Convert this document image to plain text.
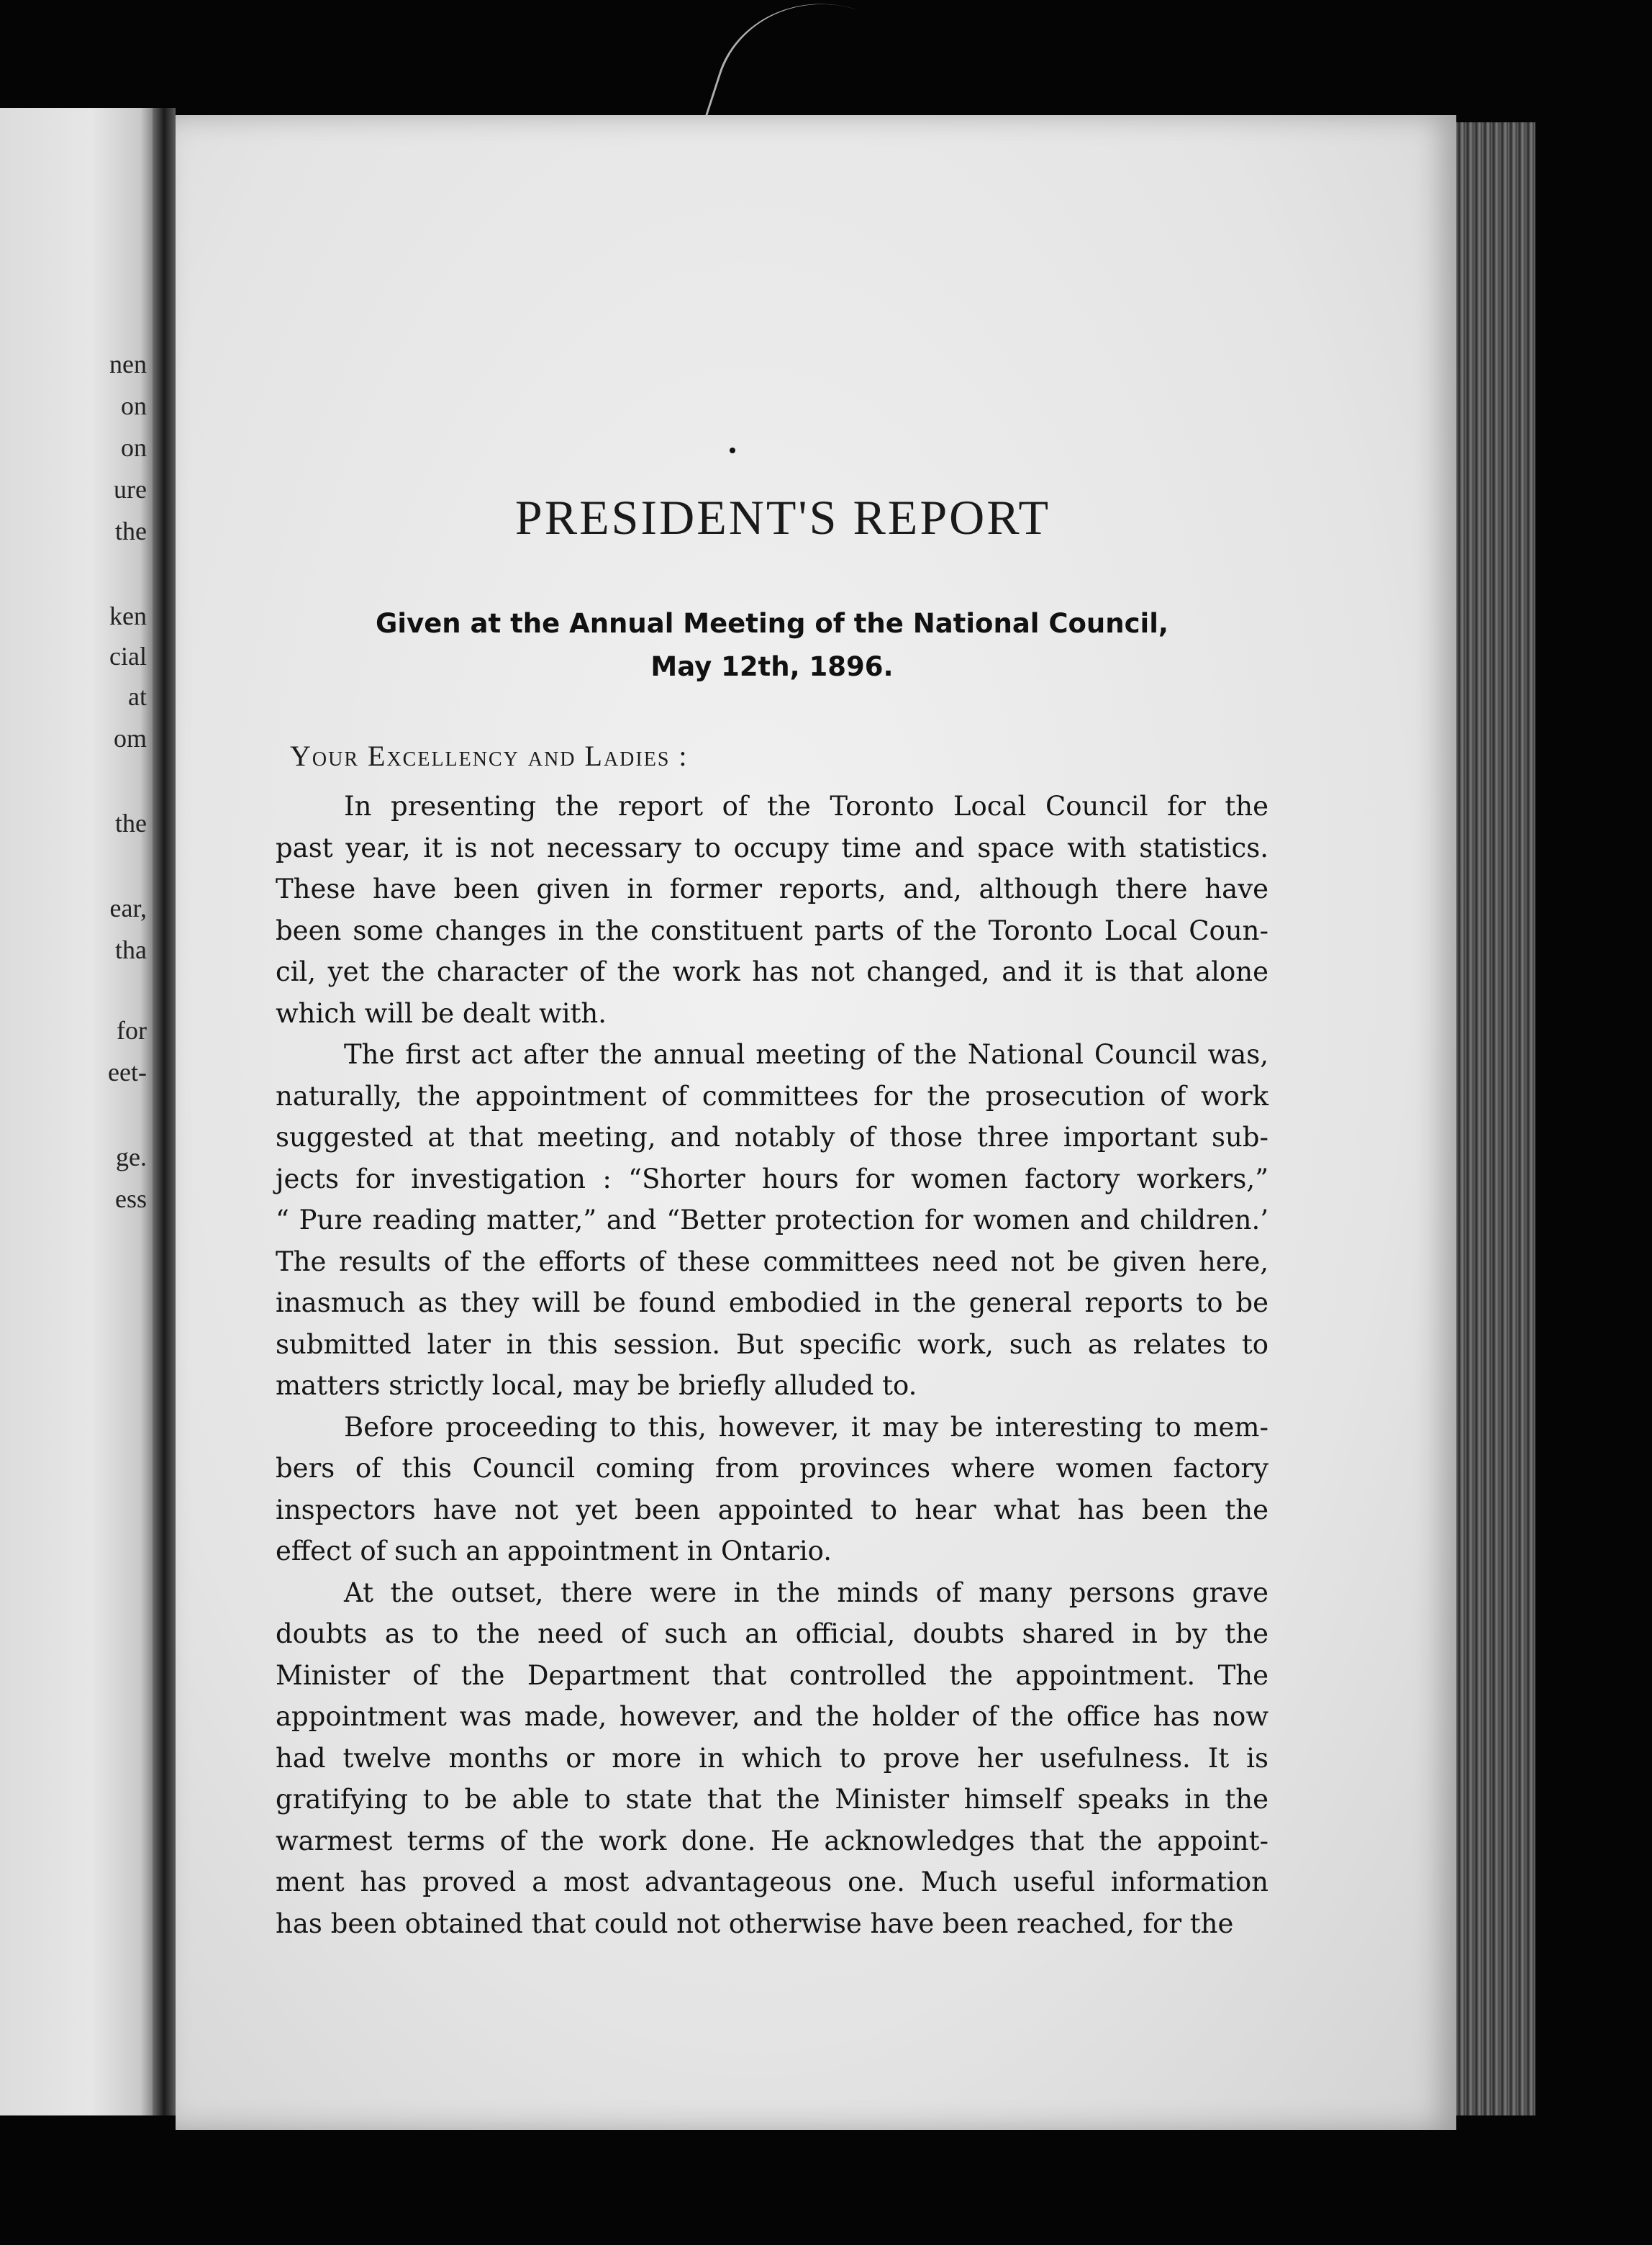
nen

on

on

ure

the

ken

cial

at

om

the

ear,

tha

for

eet-

ge.

ess

PRESIDENT'S REPORT
Given at the Annual Meeting of the National Council,
May 12th, 1896.
Your Excellency and Ladies :

In presenting the report of the Toronto Local Council for the
past year, it is not necessary to occupy time and space with statistics.
These have been given in former reports, and, although there have
been some changes in the constituent parts of the Toronto Local Coun-
cil, yet the character of the work has not changed, and it is that alone
which will be dealt with.

The first act after the annual meeting of the National Council was,
naturally, the appointment of committees for the prosecution of work
suggested at that meeting, and notably of those three important sub-
jects for investigation : “Shorter hours for women factory workers,”
“ Pure reading matter,” and “Better protection for women and children.’
The results of the efforts of these committees need not be given here,
inasmuch as they will be found embodied in the general reports to be
submitted later in this session. But specific work, such as relates to
matters strictly local, may be briefly alluded to.

Before proceeding to this, however, it may be interesting to mem-
bers of this Council coming from provinces where women factory
inspectors have not yet been appointed to hear what has been the
effect of such an appointment in Ontario.

At the outset, there were in the minds of many persons grave
doubts as to the need of such an official, doubts shared in by the
Minister of the Department that controlled the appointment. The
appointment was made, however, and the holder of the office has now
had twelve months or more in which to prove her usefulness. It is
gratifying to be able to state that the Minister himself speaks in the
warmest terms of the work done. He acknowledges that the appoint-
ment has proved a most advantageous one. Much useful information
has been obtained that could not otherwise have been reached, for the
